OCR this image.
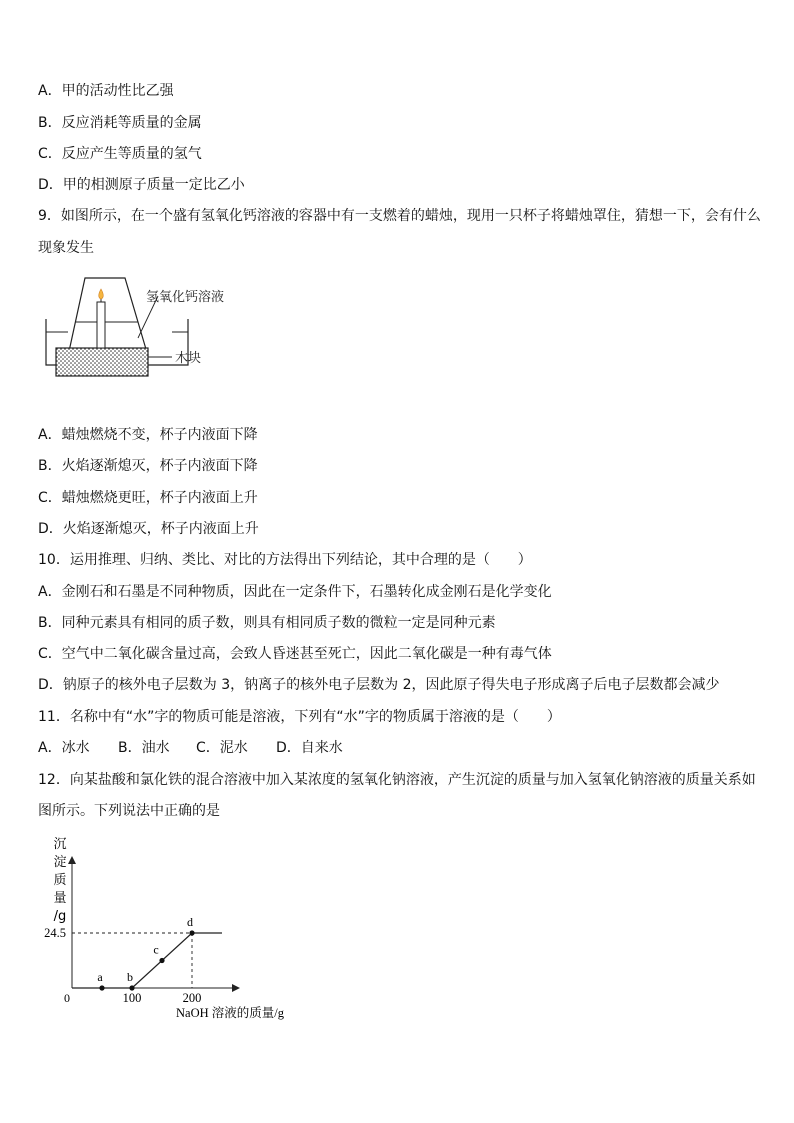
A．甲的活动性比乙强
B．反应消耗等质量的金属
C．反应产生等质量的氢气
D．甲的相测原子质量一定比乙小
9．如图所示，在一个盛有氢氧化钙溶液的容器中有一支燃着的蜡烛，现用一只杯子将蜡烛罩住，猜想一下，会有什么
现象发生
氢氧化钙溶液
木块
A．蜡烛燃烧不变，杯子内液面下降
B．火焰逐渐熄灭，杯子内液面下降
C．蜡烛燃烧更旺，杯子内液面上升
D．火焰逐渐熄灭，杯子内液面上升
10．运用推理、归纳、类比、对比的方法得出下列结论，其中合理的是（　　）
A．金刚石和石墨是不同种物质，因此在一定条件下，石墨转化成金刚石是化学变化
B．同种元素具有相同的质子数，则具有相同质子数的微粒一定是同种元素
C．空气中二氧化碳含量过高，会致人昏迷甚至死亡，因此二氧化碳是一种有毒气体
D．钠原子的核外电子层数为 3，钠离子的核外电子层数为 2，因此原子得失电子形成离子后电子层数都会减少
11．名称中有“水”字的物质可能是溶液，下列有“水”字的物质属于溶液的是（　　）
A．冰水 B．油水 C．泥水 D．自来水
12．向某盐酸和氯化铁的混合溶液中加入某浓度的氢氧化钠溶液，产生沉淀的质量与加入氢氧化钠溶液的质量关系如
图所示。下列说法中正确的是
沉
淀
质
量
/g
24.5
100	200
a b
c
d
0
NaOH 溶液的质量/g
